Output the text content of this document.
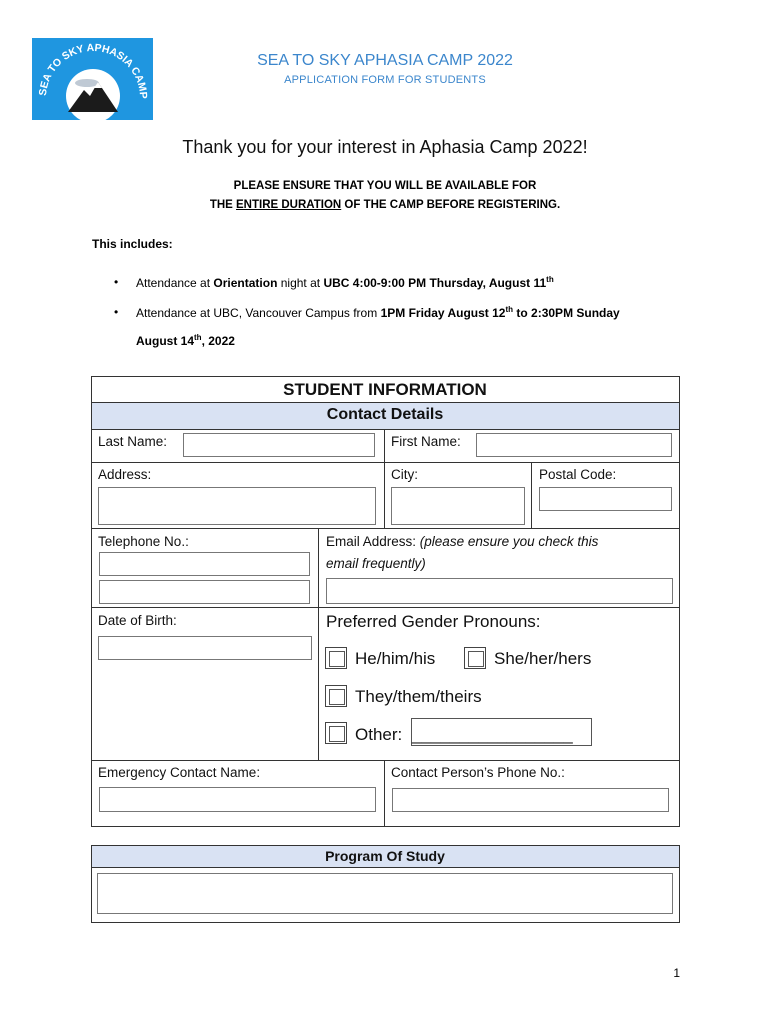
SEA TO SKY APHASIA CAMP
SEA TO SKY APHASIA CAMP 2022
APPLICATION FORM FOR STUDENTS
Thank you for your interest in Aphasia Camp 2022!
PLEASE ENSURE THAT YOU WILL BE AVAILABLE FOR
THE ENTIRE DURATION OF THE CAMP BEFORE REGISTERING.
This includes:
• Attendance at Orientation night at UBC 4:00-9:00 PM Thursday, August 11th
• Attendance at UBC, Vancouver Campus from 1PM Friday August 12th to 2:30PM Sunday
August 14th, 2022
STUDENT INFORMATION
Contact Details
Last Name:	First Name:
Address:	City:	Postal Code:
Telephone No.:	Email Address: (please ensure you check this
email frequently)
Date of Birth:	Preferred Gender Pronouns:
He/him/his	She/her/hers
They/them/theirs
Other: _________________
Emergency Contact Name:	Contact Person’s Phone No.:
Program Of Study
1
